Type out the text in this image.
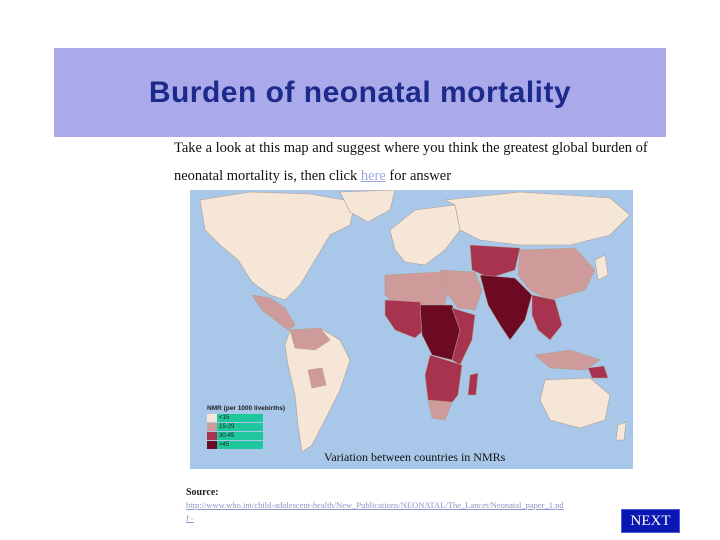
Burden of neonatal mortality
Take a look at this map and suggest where you think the greatest global burden of neonatal mortality is, then click here for answer
NMR (per 1000 livebirths)
<15
15-29
30-45
>45
Variation between countries in NMRs
Source:
http://www.who.int/child-adolescent-health/New_Publications/NEONATAL/The_Lancet/Neonatal_paper_1.pdf -	NEXT
